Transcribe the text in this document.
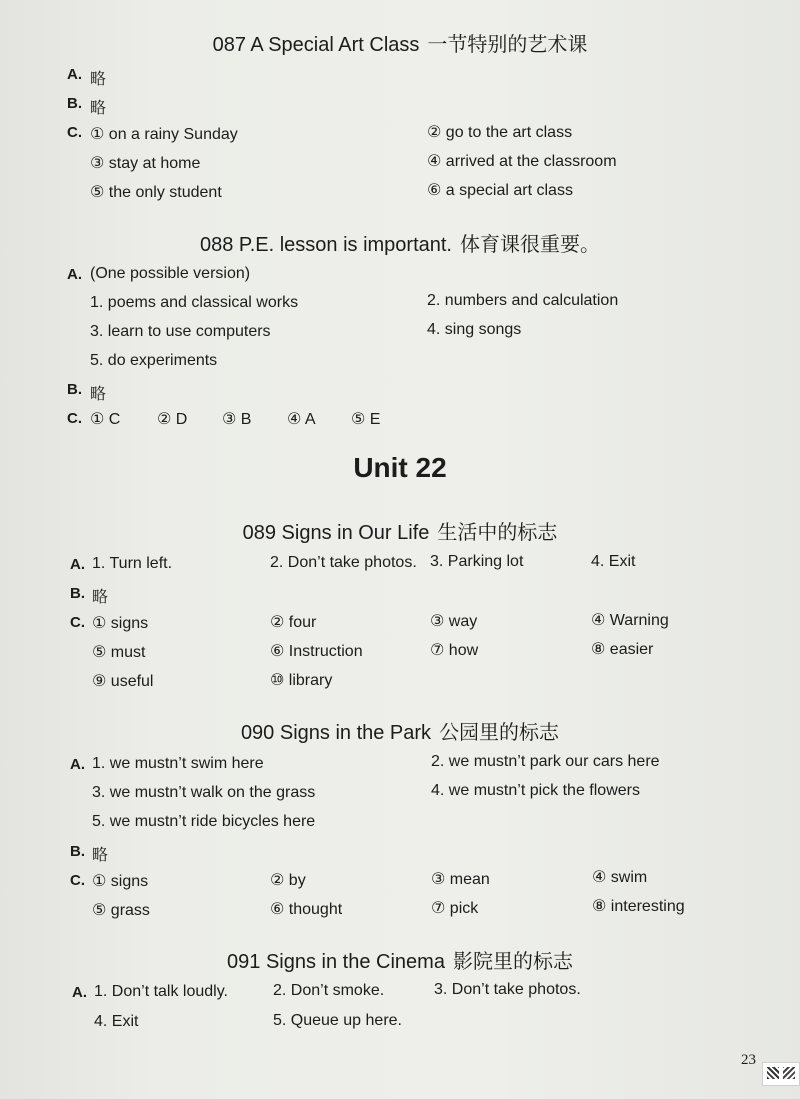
087 A Special Art Class 一节特别的艺术课
A. 略
B. 略
C. ① on a rainy Sunday	② go to the art class
③ stay at home	④ arrived at the classroom
⑤ the only student	⑥ a special art class
088 P.E. lesson is important. 体育课很重要。
A. (One possible version)
1. poems and classical works	2. numbers and calculation
3. learn to use computers	4. sing songs
5. do experiments
B. 略
C. ① C ② D ③ B ④ A ⑤ E
Unit 22
089 Signs in Our Life 生活中的标志
A. 1. Turn left.	2. Don’t take photos. 3. Parking lot	4. Exit
B. 略
C. ① signs	② four	③ way	④ Warning
⑤ must	⑥ Instruction	⑦ how	⑧ easier
⑨ useful	⑩ library
090 Signs in the Park 公园里的标志
A. 1. we mustn’t swim here	2. we mustn’t park our cars here
3. we mustn’t walk on the grass	4. we mustn’t pick the flowers
5. we mustn’t ride bicycles here
B. 略
C. ① signs	② by	③ mean	④ swim
⑤ grass	⑥ thought	⑦ pick	⑧ interesting
091 Signs in the Cinema 影院里的标志
A. 1. Don’t talk loudly.	2. Don’t smoke.	3. Don’t take photos.
4. Exit	5. Queue up here.
23
